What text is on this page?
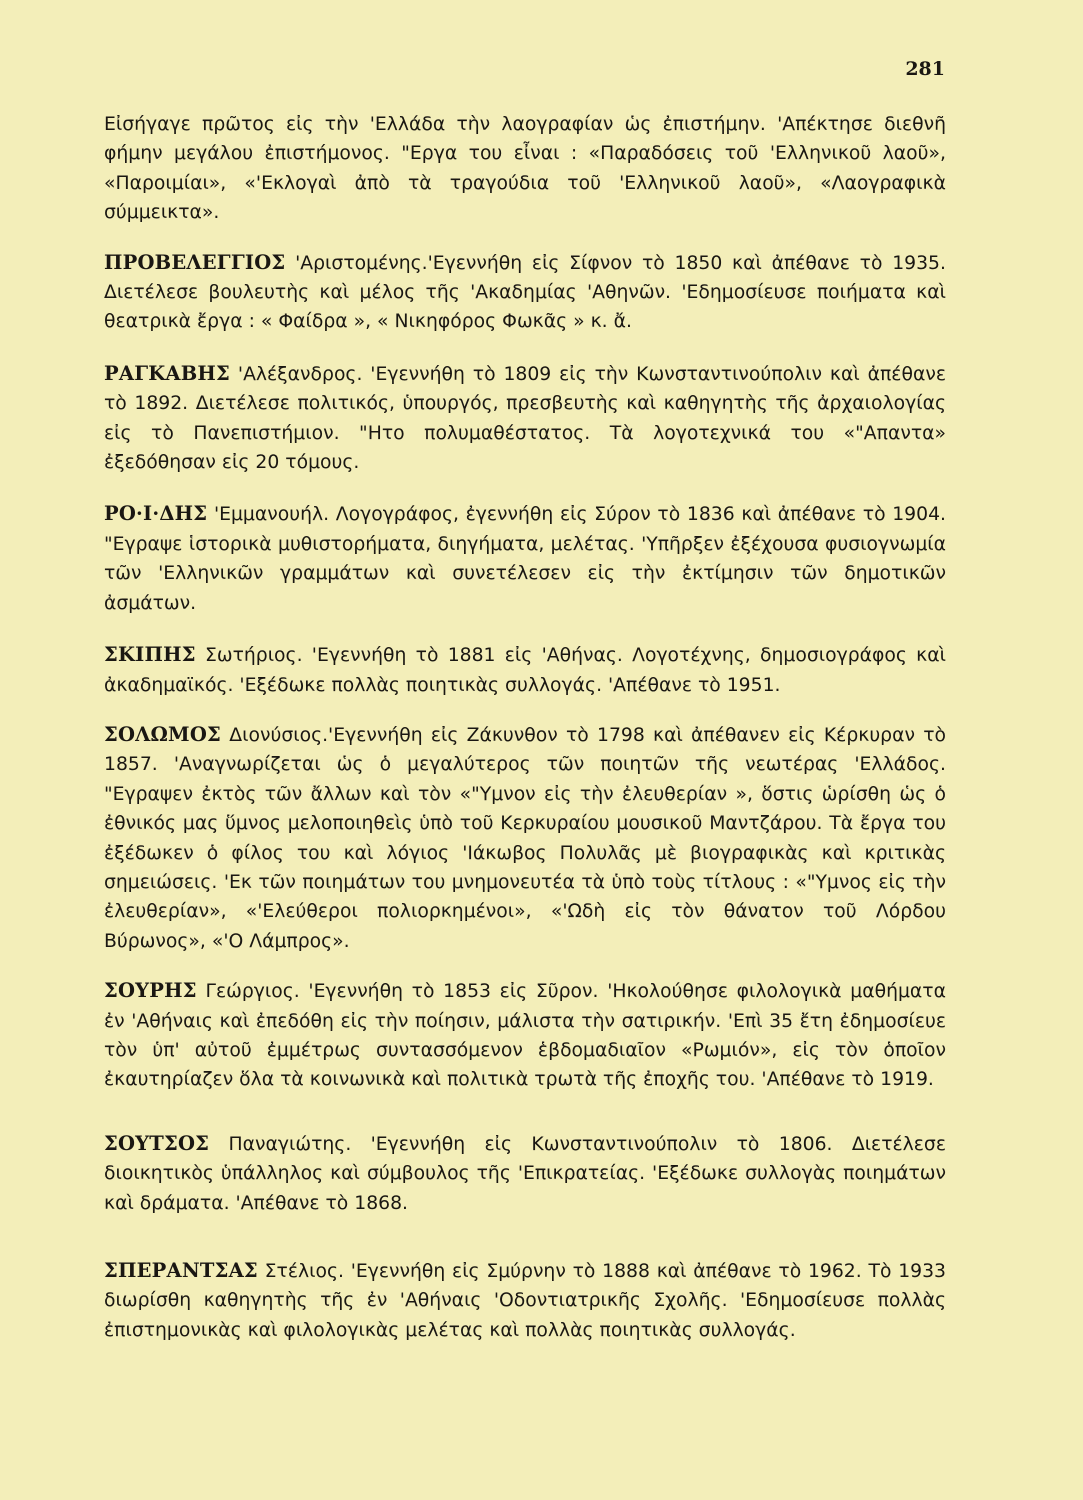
281

Εἰσήγαγε πρῶτος εἰς τὴν 'Ελλάδα τὴν λαογραφίαν ὡς ἐπιστήμην. 'Απέκτησε διεθνῆ φήμην μεγάλου ἐπιστήμονος. "Εργα του εἶναι : «Παραδόσεις τοῦ 'Ελληνικοῦ λαοῦ», «Παροιμίαι», «'Εκλογαὶ ἀπὸ τὰ τραγούδια τοῦ 'Ελληνικοῦ λαοῦ», «Λαογραφικὰ σύμμεικτα».

ΠΡΟΒΕΛΕΓΓΙΟΣ 'Αριστομένης.'Εγεννήθη εἰς Σίφνον τὸ 1850 καὶ ἀπέθανε τὸ 1935. Διετέλεσε βουλευτὴς καὶ μέλος τῆς 'Ακαδημίας 'Αθηνῶν. 'Εδημοσίευσε ποιήματα καὶ θεατρικὰ ἔργα : « Φαίδρα », « Νικηφόρος Φωκᾶς » κ. ἄ.

ΡΑΓΚΑΒΗΣ 'Αλέξανδρος. 'Εγεννήθη τὸ 1809 εἰς τὴν Κωνσταντινούπολιν καὶ ἀπέθανε τὸ 1892. Διετέλεσε πολιτικός, ὑπουργός, πρεσβευτὴς καὶ καθηγητὴς τῆς ἀρχαιολογίας εἰς τὸ Πανεπιστήμιον. "Ητο πολυμαθέστατος. Τὰ λογοτεχνικά του «"Απαντα» ἐξεδόθησαν εἰς 20 τόμους.

ΡΟ·Ι·ΔΗΣ 'Εμμανουήλ. Λογογράφος, ἐγεννήθη εἰς Σύρον τὸ 1836 καὶ ἀπέθανε τὸ 1904. "Εγραψε ἱστορικὰ μυθιστορήματα, διηγήματα, μελέτας. 'Υπῆρξεν ἐξέχουσα φυσιογνωμία τῶν 'Ελληνικῶν γραμμάτων καὶ συνετέλεσεν εἰς τὴν ἐκτίμησιν τῶν δημοτικῶν ἀσμάτων.

ΣΚΙΠΗΣ Σωτήριος. 'Εγεννήθη τὸ 1881 εἰς 'Αθήνας. Λογοτέχνης, δημοσιογράφος καὶ ἀκαδημαϊκός. 'Εξέδωκε πολλὰς ποιητικὰς συλλογάς. 'Απέθανε τὸ 1951.

ΣΟΛΩΜΟΣ Διονύσιος.'Εγεννήθη εἰς Ζάκυνθον τὸ 1798 καὶ ἀπέθανεν εἰς Κέρκυραν τὸ 1857. 'Αναγνωρίζεται ὡς ὁ μεγαλύτερος τῶν ποιητῶν τῆς νεωτέρας 'Ελλάδος. "Εγραψεν ἐκτὸς τῶν ἄλλων καὶ τὸν «"Υμνον εἰς τὴν ἐλευθερίαν », ὅστις ὡρίσθη ὡς ὁ ἐθνικός μας ὕμνος μελοποιηθεὶς ὑπὸ τοῦ Κερκυραίου μουσικοῦ Μαντζάρου. Τὰ ἔργα του ἐξέδωκεν ὁ φίλος του καὶ λόγιος 'Ιάκωβος Πολυλᾶς μὲ βιογραφικὰς καὶ κριτικὰς σημειώσεις. 'Εκ τῶν ποιημάτων του μνημονευτέα τὰ ὑπὸ τοὺς τίτλους : «"Υμνος εἰς τὴν ἐλευθερίαν», «'Ελεύθεροι πολιορκημένοι», «'Ωδὴ εἰς τὸν θάνατον τοῦ Λόρδου Βύρωνος», «'Ο Λάμπρος».

ΣΟΥΡΗΣ Γεώργιος. 'Εγεννήθη τὸ 1853 εἰς Σῦρον. 'Ηκολούθησε φιλολογικὰ μαθήματα ἐν 'Αθήναις καὶ ἐπεδόθη εἰς τὴν ποίησιν, μάλιστα τὴν σατιρικήν. 'Επὶ 35 ἔτη ἐδημοσίευε τὸν ὑπ' αὐτοῦ ἐμμέτρως συντασσόμενον ἑβδομαδιαῖον «Ρωμιόν», εἰς τὸν ὁποῖον ἐκαυτηρίαζεν ὅλα τὰ κοινωνικὰ καὶ πολιτικὰ τρωτὰ τῆς ἐποχῆς του. 'Απέθανε τὸ 1919.

ΣΟΥΤΣΟΣ Παναγιώτης. 'Εγεννήθη εἰς Κωνσταντινούπολιν τὸ 1806. Διετέλεσε διοικητικὸς ὑπάλληλος καὶ σύμβουλος τῆς 'Επικρατείας. 'Εξέδωκε συλλογὰς ποιημάτων καὶ δράματα. 'Απέθανε τὸ 1868.

ΣΠΕΡΑΝΤΣΑΣ Στέλιος. 'Εγεννήθη εἰς Σμύρνην τὸ 1888 καὶ ἀπέθανε τὸ 1962. Τὸ 1933 διωρίσθη καθηγητὴς τῆς ἐν 'Αθήναις 'Οδοντιατρικῆς Σχολῆς. 'Εδημοσίευσε πολλὰς ἐπιστημονικὰς καὶ φιλολογικὰς μελέτας καὶ πολλὰς ποιητικὰς συλλογάς.
